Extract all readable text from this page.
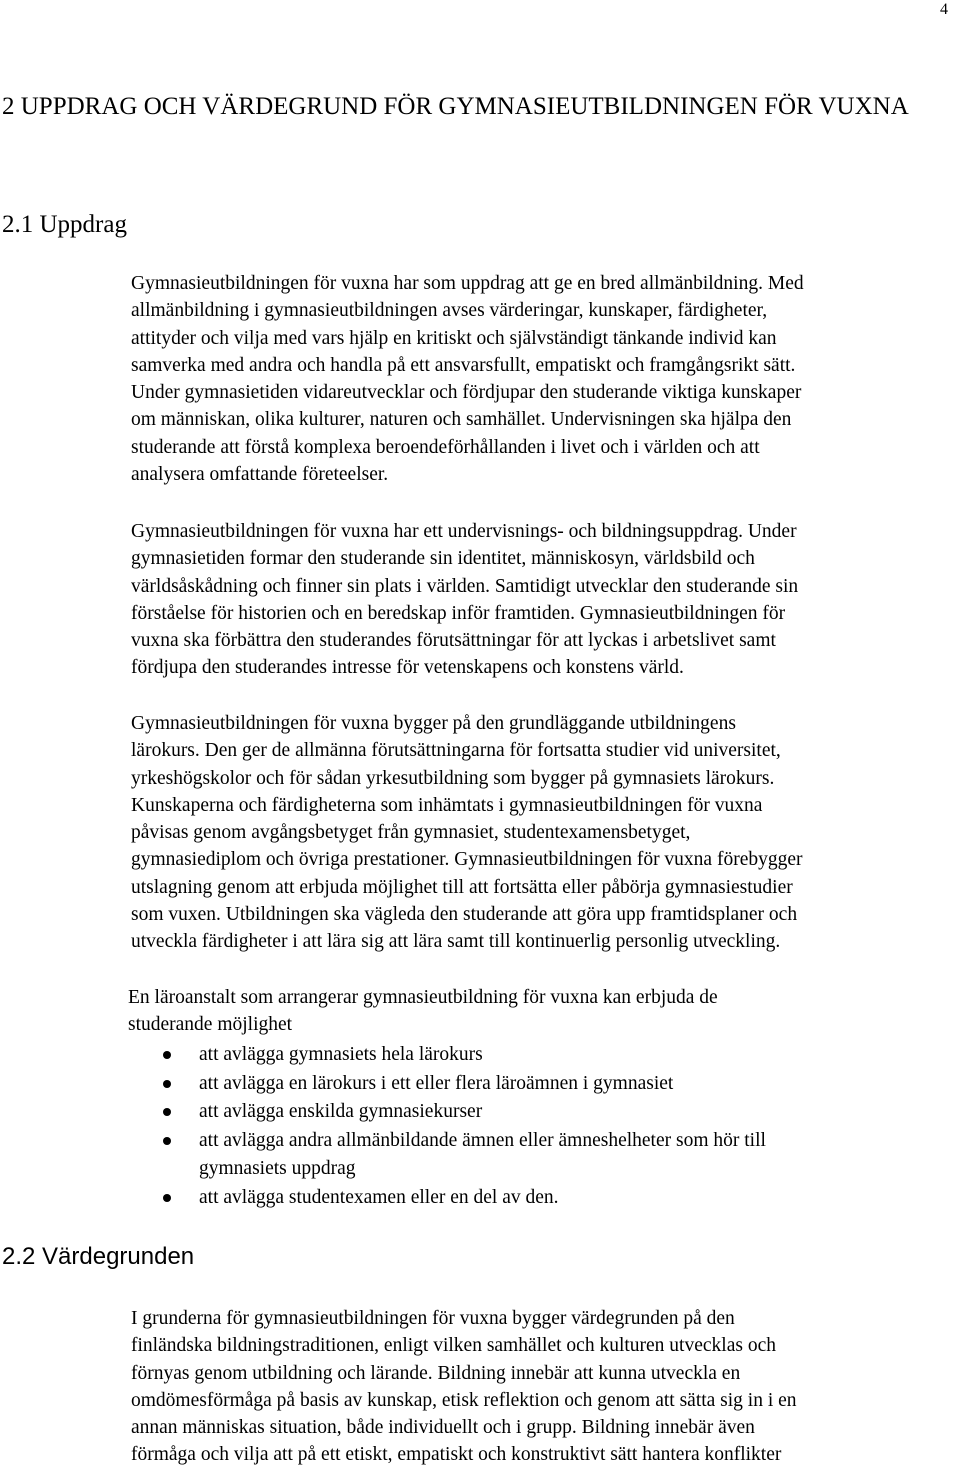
4
2 UPPDRAG OCH VÄRDEGRUND FÖR GYMNASIEUTBILDNINGEN FÖR VUXNA
2.1 Uppdrag

Gymnasieutbildningen för vuxna har som uppdrag att ge en bred allmänbildning. Med
allmänbildning i gymnasieutbildningen avses värderingar, kunskaper, färdigheter,
attityder och vilja med vars hjälp en kritiskt och självständigt tänkande individ kan
samverka med andra och handla på ett ansvarsfullt, empatiskt och framgångsrikt sätt.
Under gymnasietiden vidareutvecklar och fördjupar den studerande viktiga kunskaper
om människan, olika kulturer, naturen och samhället. Undervisningen ska hjälpa den
studerande att förstå komplexa beroendeförhållanden i livet och i världen och att
analysera omfattande företeelser.

Gymnasieutbildningen för vuxna har ett undervisnings- och bildningsuppdrag. Under
gymnasietiden formar den studerande sin identitet, människosyn, världsbild och
världsåskådning och finner sin plats i världen. Samtidigt utvecklar den studerande sin
förståelse för historien och en beredskap inför framtiden. Gymnasieutbildningen för
vuxna ska förbättra den studerandes förutsättningar för att lyckas i arbetslivet samt
fördjupa den studerandes intresse för vetenskapens och konstens värld.

Gymnasieutbildningen för vuxna bygger på den grundläggande utbildningens
lärokurs. Den ger de allmänna förutsättningarna för fortsatta studier vid universitet,
yrkeshögskolor och för sådan yrkesutbildning som bygger på gymnasiets lärokurs.
Kunskaperna och färdigheterna som inhämtats i gymnasieutbildningen för vuxna
påvisas genom avgångsbetyget från gymnasiet, studentexamensbetyget,
gymnasiediplom och övriga prestationer. Gymnasieutbildningen för vuxna förebygger
utslagning genom att erbjuda möjlighet till att fortsätta eller påbörja gymnasiestudier
som vuxen. Utbildningen ska vägleda den studerande att göra upp framtidsplaner och
utveckla färdigheter i att lära sig att lära samt till kontinuerlig personlig utveckling.

En läroanstalt som arrangerar gymnasieutbildning för vuxna kan erbjuda de
studerande möjlighet

att avlägga gymnasiets hela lärokurs
att avlägga en lärokurs i ett eller flera läroämnen i gymnasiet
att avlägga enskilda gymnasiekurser
att avlägga andra allmänbildande ämnen eller ämneshelheter som hör till
gymnasiets uppdrag
att avlägga studentexamen eller en del av den.
2.2 Värdegrunden

I grunderna för gymnasieutbildningen för vuxna bygger värdegrunden på den
finländska bildningstraditionen, enligt vilken samhället och kulturen utvecklas och
förnyas genom utbildning och lärande. Bildning innebär att kunna utveckla en
omdömesförmåga på basis av kunskap, etisk reflektion och genom att sätta sig in i en
annan människas situation, både individuellt och i grupp. Bildning innebär även
förmåga och vilja att på ett etiskt, empatiskt och konstruktivt sätt hantera konflikter
